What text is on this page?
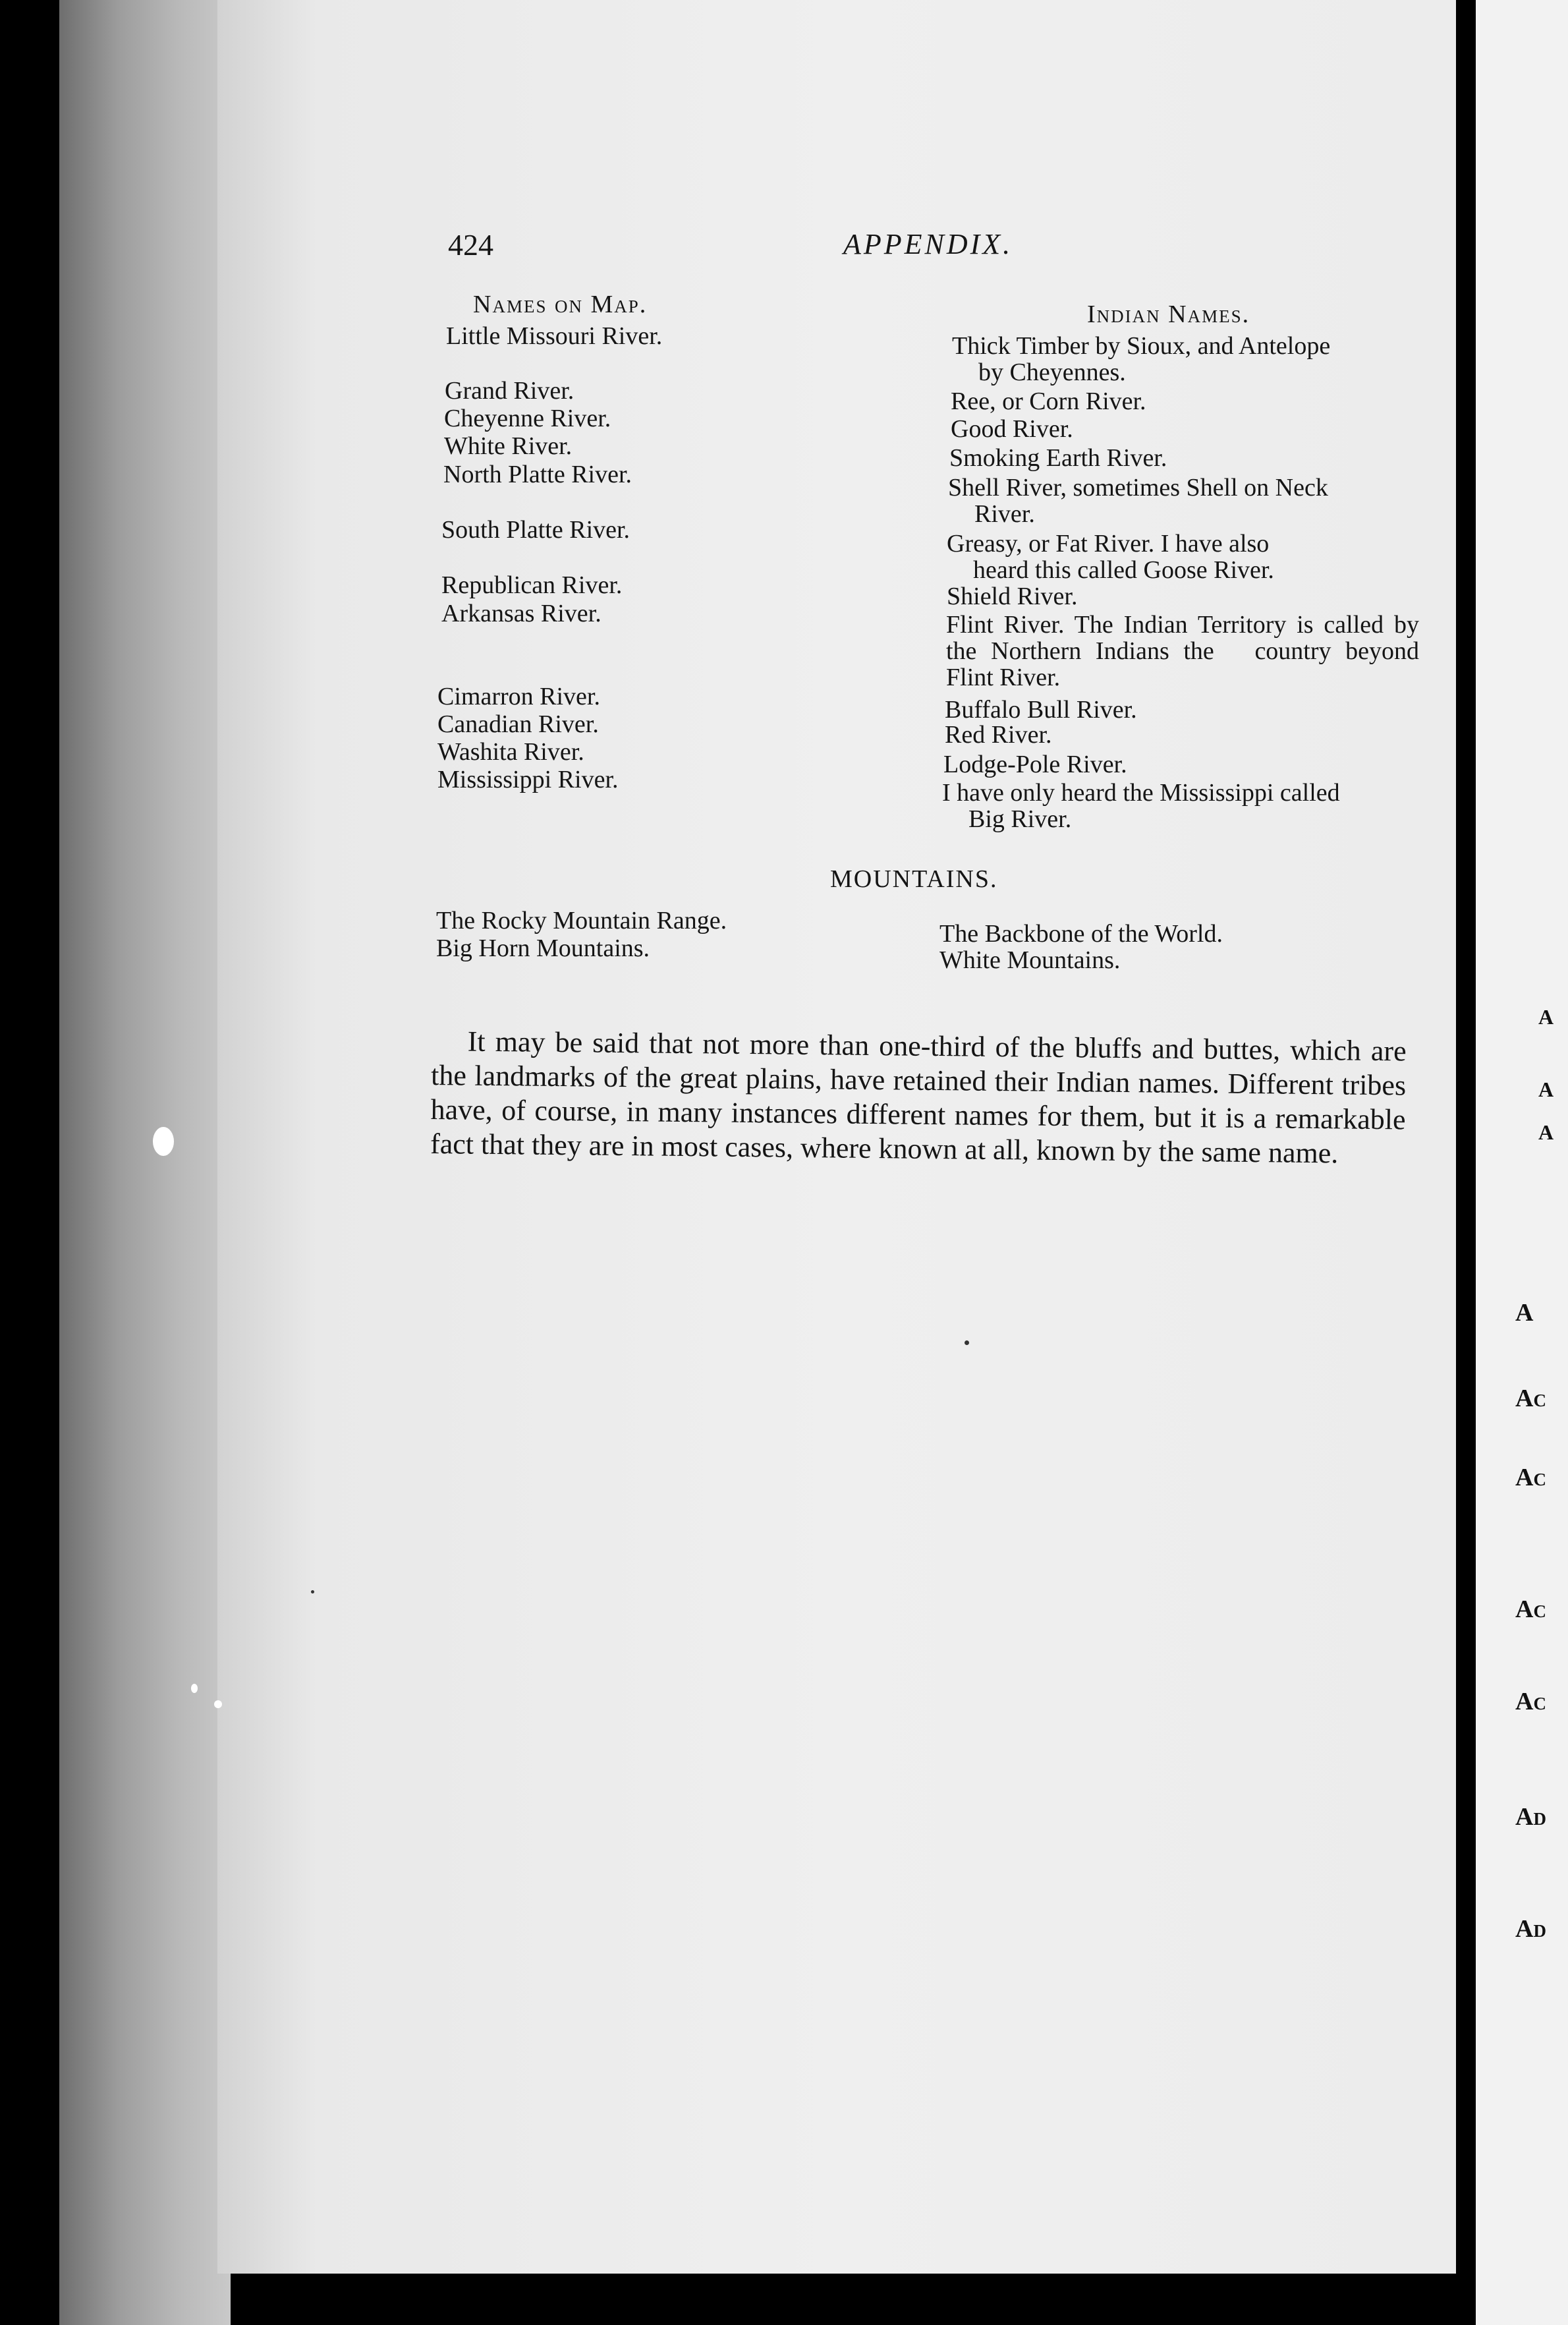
A
A
A
A
Ac
Ac
Ac
Ac
Ad
Ad
424	APPENDIX.
Names on Map.	Indian Names.
Little Missouri River.
Grand River.
Cheyenne River.
White River.
North Platte River.
South Platte River.
Republican River.
Arkansas River.
Cimarron River.
Canadian River.
Washita River.
Mississippi River.
Thick Timber by Sioux, and Antelope
by Cheyennes.
Ree, or Corn River.
Good River.
Smoking Earth River.
Shell River, sometimes Shell on Neck
River.
Greasy, or Fat River. I have also
heard this called Goose River.
Shield River.
Flint River. The Indian Territory is called by the Northern Indians the country beyond Flint River.
Buffalo Bull River.
Red River.
Lodge-Pole River.
I have only heard the Mississippi called
Big River.
MOUNTAINS.
The Rocky Mountain Range.
Big Horn Mountains.
The Backbone of the World.
White Mountains.

It may be said that not more than one-third of the bluffs and buttes, which are the landmarks of the great plains, have retained their Indian names. Different tribes have, of course, in many instances different names for them, but it is a remarkable fact that they are in most cases, where known at all, known by the same name.
